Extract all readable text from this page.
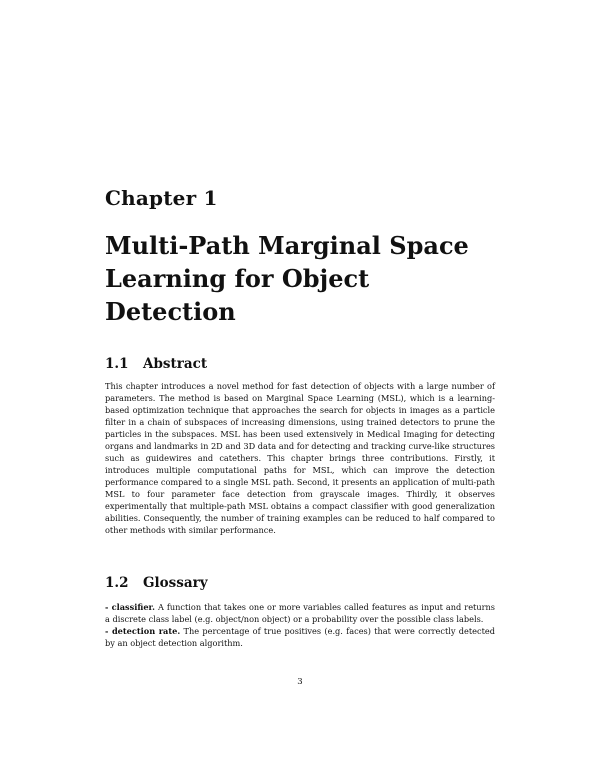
Chapter 1
Multi-Path Marginal Space Learning for Object Detection
1.1 Abstract

This chapter introduces a novel method for fast detection of objects with a large number of parameters. The method is based on Marginal Space Learning (MSL), which is a learning-based optimization technique that approaches the search for objects in images as a particle filter in a chain of subspaces of increasing dimensions, using trained detectors to prune the particles in the subspaces. MSL has been used extensively in Medical Imaging for detecting organs and landmarks in 2D and 3D data and for detecting and tracking curve-like structures such as guidewires and catethers. This chapter brings three contributions. Firstly, it introduces multiple computational paths for MSL, which can improve the detection performance compared to a single MSL path. Second, it presents an application of multi-path MSL to four parameter face detection from grayscale images. Thirdly, it observes experimentally that multiple-path MSL obtains a compact classifier with good generalization abilities. Consequently, the number of training examples can be reduced to half compared to other methods with similar performance.

1.2 Glossary
- classifier. A function that takes one or more variables called features as input and returns a discrete class label (e.g. object/non object) or a probability over the possible class labels.
- detection rate. The percentage of true positives (e.g. faces) that were correctly detected by an object detection algorithm.
3
